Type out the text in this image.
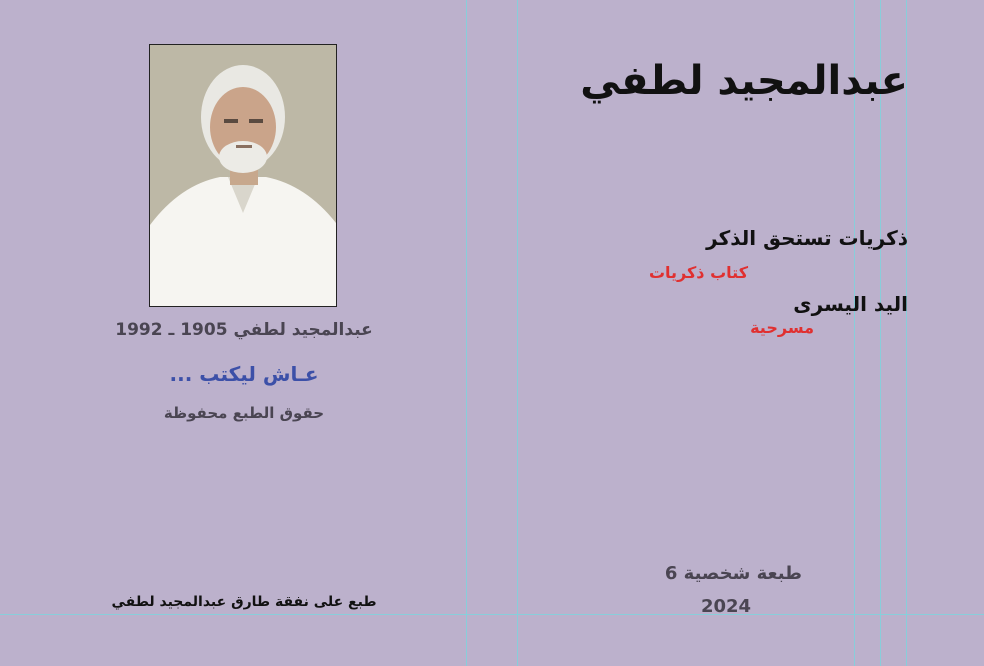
عبدالمجيد لطفي 1905 ـ 1992
عـاش ليكتب ...
حقوق الطبع محفوظة
طبع على نفقة طارق عبدالمجيد لطفي
عبدالمجيد لطفي
ذكريات تستحق الذكر
كتاب ذكريات
اليد اليسرى
مسرحية
طبعة شخصية 6
2024
